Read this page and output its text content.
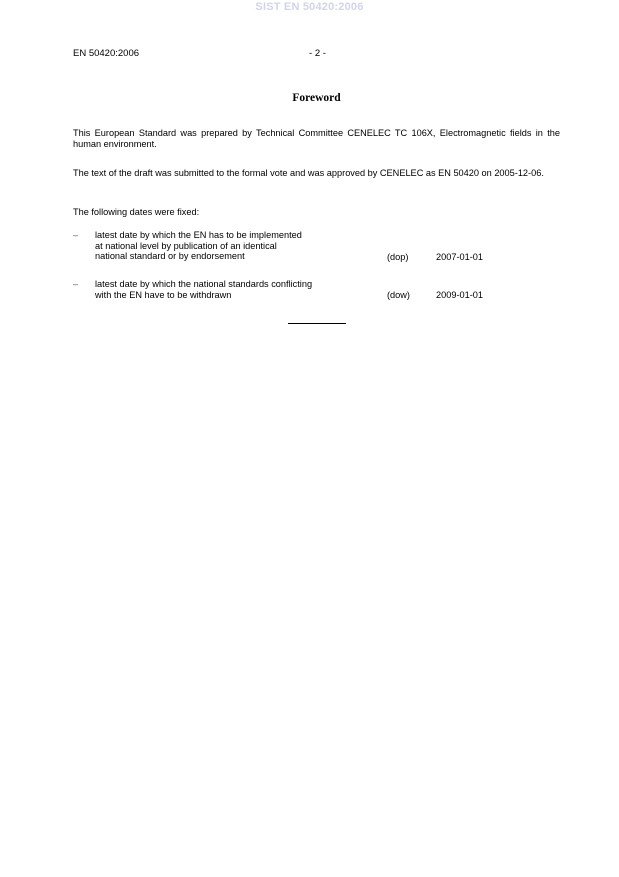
SIST EN 50420:2006
EN 50420:2006	- 2 -
Foreword
This European Standard was prepared by Technical Committee CENELEC TC 106X, Electromagnetic fields in the human environment.
The text of the draft was submitted to the formal vote and was approved by CENELEC as EN 50420 on 2005-12-06.
The following dates were fixed:
– latest date by which the EN has to be implemented
at national level by publication of an identical
national standard or by endorsement	(dop)	2007-01-01
– latest date by which the national standards conflicting
with the EN have to be withdrawn	(dow)	2009-01-01
